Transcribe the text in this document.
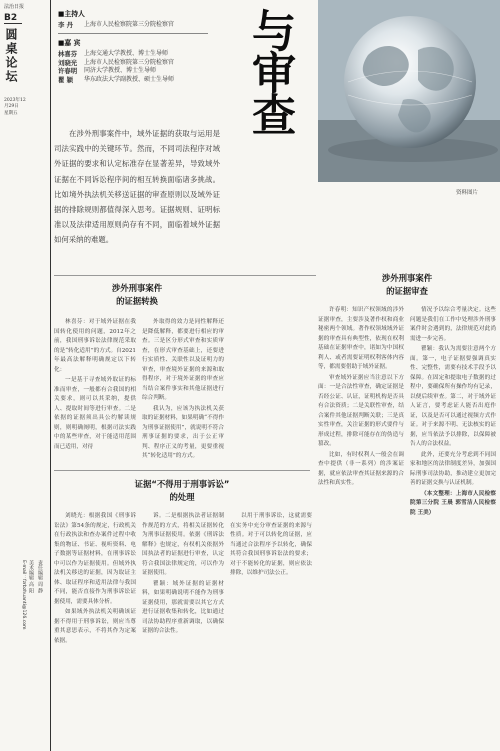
法治日报
B2
圆桌论坛
2023年12月29日
星期五
■主持人
李 丹	上海市人民检察院第三分院检察官
■嘉 宾
林喜芬	上海交通大学教授、博士生导师
刘晓光	上海市人民检察院第三分院检察官
许春明	同济大学教授、博士生导师
瞿 颖	华东政法大学副教授、硕士生导师
与审查
资料图片

在涉外刑事案件中，域外证据的获取与运用是司法实践中的关键环节。然而，不同司法程序对域外证据的要求和认定标准存在显著差异，导致域外证据在不同诉讼程序间的相互转换面临诸多挑战。比如境外执法机关移送证据的审查原则以及域外证据的排除规则都值得深入思考。证据规则、证明标准以及法律适用原则尚存有不同，面临着域外证据如何采纳的难题。

涉外刑事案件
的证据转换

林喜芬：对于域外证据在我国转化使用的问题，2012年之前，我国刑事诉讼法律规范采取的是“转化适用”的方式。自2021年最高法解释明确规定以下转化：

一是基于寻查域外取证的标准而审查，一般都有合我国的相关要求，则可以其采纳，提供人、提取时间等进行审查。二是依据的证据须出具公约解读规则，则明确阐明，根据司法实践中的某些审查，对于能适用范围而已适用，对待

外取得的效力是同性解释还是降低解释，都要进行相应的审查。三是区分形式审查和实质审查，在形式审查基础上，还要进行实质性、关联性以及证明力的审查，审查境外证据的来源和取得程序，对于境外证据的审查应当结合案件事实和其他证据进行综合判断。

我认为，应该为执法机关获取的证据材料，如果明确“不得作为刑事证据使用”，就说明不符合刑事证据的要求，出于公正审判、程序正义的考量，更要重视其“转化适用”的方式。

涉外刑事案件
的证据审查

许春明：知识产权领域的涉外证据审查，主要涉及著作权和商业秘密两个领域。著作权领域域外证据的审查具有典型性，依现在权利基础在证据审查中，诸如为中国权利人、或者需要证明权利客体内容等，都需要借助于域外证据。

审查域外证据应当注意以下方面：一是合法性审查，确定证据是否经公证、认证，证明机构是否具有合法资质；二是关联性审查，结合案件其他证据判断关联；三是真实性审查，关注证据的形式要件与形成过程，排除可能存在的伪造与篡改。

比如，有时权利人一般会在调查中提供（非一系列）的涉案证据，就应依法审查其证据来源的合法性和真实性。

情况予以综合考量决定。这些问题是我们在工作中处理涉外刑事案件时会遇到的，法律规范对此尚需进一步完善。

瞿颖：我认为需要注意两个方面。第一，电子证据要强调真实性、完整性，需要有技术手段予以保障。在固定和提取电子数据的过程中，要确保所有操作均有记录，以便后续审查。第二，对于域外证人证言，要考虑证人能否出庭作证，以及是否可以通过视频方式作证。对于来源不明、无法核实的证据，应当依法予以排除，以保障被告人的合法权益。

此外，还要充分考虑到不同国家和地区的法律制度差异，加强国际刑事司法协助，推动建立更加完善的证据交换与认证机制。

（本文整理：上海市人民检察院第三分院 王晨 郭雪洁人民检察院 王美）

证据“不得用于刑事诉讼”
的处理

刘晓光：根据我国《刑事诉讼法》第54条的规定，行政机关在行政执法和查办案件过程中收集的物证、书证、视听资料、电子数据等证据材料，在刑事诉讼中可以作为证据使用。但域外执法机关移送的证据，因为取证主体、取证程序和适用法律与我国不同，能否直接作为刑事诉讼证据使用，需要具体分析。

如果域外执法机关明确该证据不得用于刑事诉讼，则应当尊重其意思表示，不将其作为定案依据。

诉。二是根据执法者证据制作规范的方式，将相关证据转化为刑事证据使用。依据《刑诉法解释》也规定，有权机关依据外国执法者的证据进行审查，认定符合我国法律规定的，可以作为证据使用。

瞿颖：域外证据的证据材料，如果明确说明不能作为刑事证据使用，那就需要以其它方式进行证据收集和转化，比如通过司法协助程序重新调取，以确保证据的合法性。

以用于刑事诉讼，这就需要在实务中充分审查证据的来源与性质。对于可以转化的证据，应当通过合法程序予以转化，确保其符合我国刑事诉讼法的要求；对于不能转化的证据，则应依法排除，以维护司法公正。

责任编辑 周 静
美术编辑 高 阳
E-mail：fzrbzhuanti@126.com
